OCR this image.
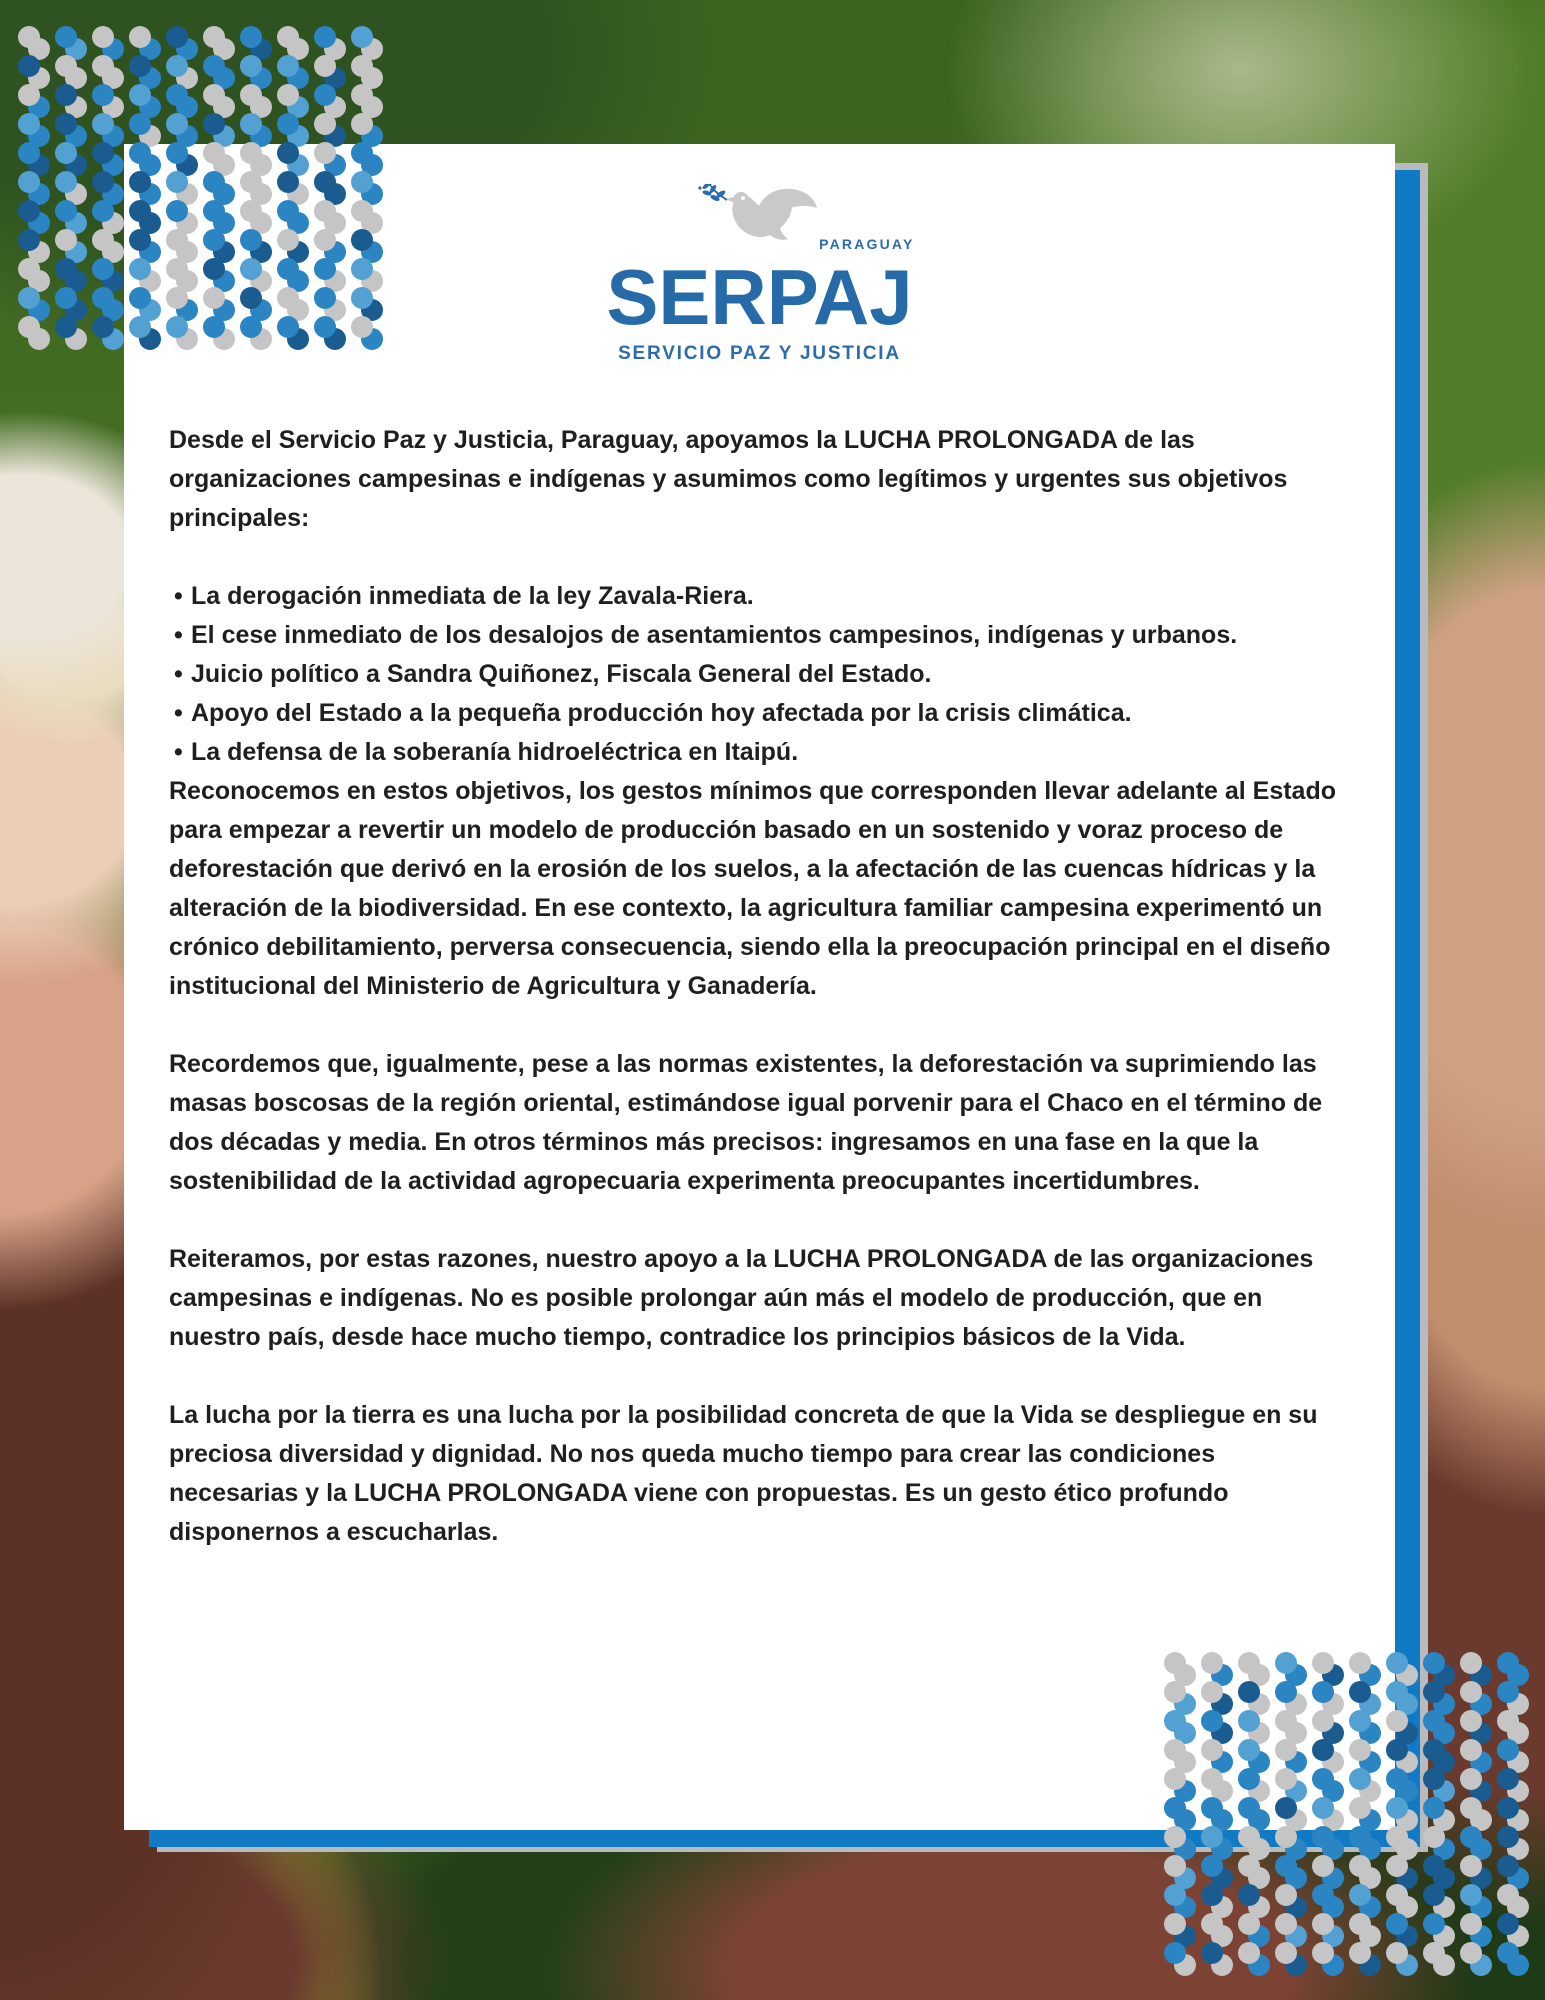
PARAGUAY
SERPAJ
SERVICIO PAZ Y JUSTICIA

Desde el Servicio Paz y Justicia, Paraguay, apoyamos la LUCHA PROLONGADA de las organizaciones campesinas e indígenas y asumimos como legítimos y urgentes sus objetivos principales:

• La derogación inmediata de la ley Zavala-Riera.
• El cese inmediato de los desalojos de asentamientos campesinos, indígenas y urbanos.
• Juicio político a Sandra Quiñonez, Fiscala General del Estado.
• Apoyo del Estado a la pequeña producción hoy afectada por la crisis climática.
• La defensa de la soberanía hidroeléctrica en Itaipú.

Reconocemos en estos objetivos, los gestos mínimos que corresponden llevar adelante al Estado para empezar a revertir un modelo de producción basado en un sostenido y voraz proceso de deforestación que derivó en la erosión de los suelos, a la afectación de las cuencas hídricas y la alteración de la biodiversidad. En ese contexto, la agricultura familiar campesina experimentó un crónico debilitamiento, perversa consecuencia, siendo ella la preocupación principal en el diseño institucional del Ministerio de Agricultura y Ganadería.

Recordemos que, igualmente, pese a las normas existentes, la deforestación va suprimiendo las masas boscosas de la región oriental, estimándose igual porvenir para el Chaco en el término de dos décadas y media. En otros términos más precisos: ingresamos en una fase en la que la sostenibilidad de la actividad agropecuaria experimenta preocupantes incertidumbres.

Reiteramos, por estas razones, nuestro apoyo a la LUCHA PROLONGADA de las organizaciones campesinas e indígenas. No es posible prolongar aún más el modelo de producción, que en nuestro país, desde hace mucho tiempo, contradice los principios básicos de la Vida.

La lucha por la tierra es una lucha por la posibilidad concreta de que la Vida se despliegue en su preciosa diversidad y dignidad. No nos queda mucho tiempo para crear las condiciones necesarias y la LUCHA PROLONGADA viene con propuestas. Es un gesto ético profundo disponernos a escucharlas.
